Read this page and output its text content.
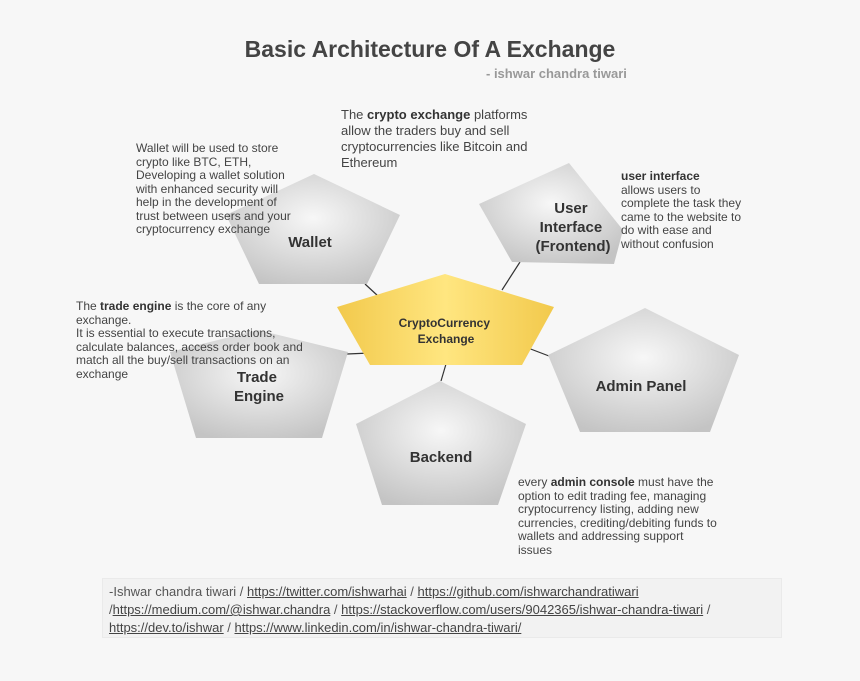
Basic Architecture Of A Exchange
- ishwar chandra tiwari
CryptoCurrency Exchange
Wallet
User Interface (Frontend)
Trade Engine
Admin Panel
Backend
The crypto exchange platforms allow the traders buy and sell cryptocurrencies like Bitcoin and Ethereum
Wallet will be used to store crypto like BTC, ETH, Developing a wallet solution with enhanced security will help in the development of trust between users and your cryptocurrency exchange
user interface
allows users to complete the task they came to the website to do with ease and without confusion
The trade engine is the core of any exchange.
It is essential to execute transactions, calculate balances, access order book and match all the buy/sell transactions on an exchange
every admin console must have the option to edit trading fee, managing cryptocurrency listing, adding new currencies, crediting/debiting funds to wallets and addressing support issues
-Ishwar chandra tiwari / https://twitter.com/ishwarhai / https://github.com/ishwarchandratiwari
/https://medium.com/@ishwar.chandra / https://stackoverflow.com/users/9042365/ishwar-chandra-tiwari /
https://dev.to/ishwar / https://www.linkedin.com/in/ishwar-chandra-tiwari/
